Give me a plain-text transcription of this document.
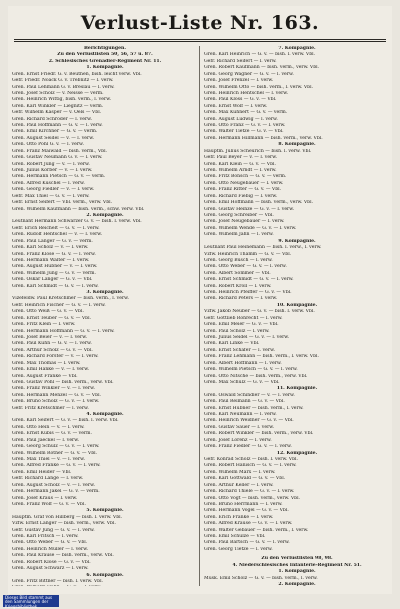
Verlust-Liste Nr. 163.
Berichtigungen.
Zu den Verlustlisten 50, 56, 57 u. 87.
2. Schlesisches Grenadier-Regiment Nr. 11.
1. Kompagnie.
Gren. Ernst Friedr. G. v. Beuthen, bish. leicht verw. Vbl.
Gefr. Friedr. Noack G. v. Trebnitz — l. verw.
Gren. Paul Lehmann G. v. Breslau — l. verw.
Gren. Josef Scholz — v. Neisse — verm.
Gren. Heinrich Wittig, bish. verm., l. verw.
Gren. Karl Winkler — Liegnitz — verm.
Gefr. Wilhelm Kasper — v. Oels — Vbl.
Gren. Richard Schröder — l. verw.
Gren. Paul Hoffmann — G. v. — l. verw.
Gren. Emil Kirchner — G. v. — verm.
Gren. August Seidel — v. — l. verw.
Gren. Otto Pohl G. v. — l. verw.
Gren. Franz Maiwald — bish. verm., Vbl.
Gren. Gustav Neumann G. v. — l. verw.
Gren. Robert Jung — v. — l. verw.
Gren. Julius Körber — v. — l. verw.
Gren. Hermann Pietsch — G. v. — verm.
Gren. Alfred Kuschel — l. verw.
Gren. Georg Fiedler — v. — l. verw.
Gefr. Max Thiel — G. v. — l. verw.
Gefr. Ernst Seifert — Vbl. verm., verw. Vbl.
Gren. Wilhelm Kaufmann — bish. verm., schw. verw. Vbl.
2. Kompagnie.
Leutnant Hermann Schwarzer G. v. — bish. l. verw. Vbl.
Gefr. Erich Reichelt — G. v. — l. verw.
Gren. Rudolf Hentschel — v. — l. verw.
Gren. Paul Langer — G. v. — verm.
Gren. Karl Scholz — v. — l. verw.
Gren. Franz Klose — G. v. — l. verw.
Gren. Hermann Walter — l. verw.
Gren. August Hübner — v. — l. verw.
Gren. Wilhelm Jung — G. v. — verm.
Gren. Oskar Langer — G. v. — Vbl.
Gren. Karl Schmidt — G. v. — l. verw.
3. Kompagnie.
Vizefeldw. Paul Kretschmer — bish. verm., l. verw.
Gefr. Heinrich Fischer — G. v. — l. verw.
Gren. Otto Weiß — G. v. — Vbl.
Gren. Ernst Teuber — G. v. — Vbl.
Gren. Fritz Klein — l. verw.
Gren. Hermann Hoffmann — G. v. — l. verw.
Gren. Josef Beier — v. — l. verw.
Gren. Paul Kühn — G. v. — l. verw.
Gren. Arthur Scholz — G. v. — Vbl.
Gren. Richard Förster — v. — l. verw.
Gren. Max Thomas — l. verw.
Gren. Emil Hanke — v. — l. verw.
Gren. August Franke — Vbl.
Gren. Gustav Pohl — bish. verm., verw. Vbl.
Gren. Franz Winkler — v. — l. verw.
Gren. Hermann Menzel — G. v. — Vbl.
Gren. Bruno Scholz — G. v. — l. verw.
Gefr. Fritz Kretschmer — l. verw.
4. Kompagnie.
Gren. Karl Seifert — G. v. — bish. l. verw. Vbl.
Gren. Otto Hein — v. — l. verw.
Gren. Ernst Kubis — G. v. — verm.
Gren. Paul Jaeckel — l. verw.
Gren. Georg Schulz — G. v. — l. verw.
Gren. Wilhelm Rother — G. v. — Vbl.
Gren. Max Thiel — v. — l. verw.
Gren. Alfred Franke — G. v. — l. verw.
Gren. Emil Heider — Vbl.
Gefr. Richard Lange — l. verw.
Gren. August Scholz — v. — l. verw.
Gren. Hermann Jäkel — G. v. — verm.
Gren. Josef Kraus — l. verw.
Gren. Franz Wolf — G. v. — Vbl.
5. Kompagnie.
Hauptm. Graf von Hillberg — bish. l. verw. Vbl.
Vzfw. Ernst Langer — bish. verm., verw. Vbl.
Gefr. Gustav Jung — G. v. — l. verw.
Gren. Karl Fritsch — l. verw.
Gren. Otto Weber — G. v. — Vbl.
Gren. Heinrich Müller — l. verw.
Gren. Paul Krause — bish. verm., verw. Vbl.
Gren. Robert Klose — G. v. — Vbl.
Gren. August Schwarz — l. verw.
6. Kompagnie.
Gren. Fritz Bittner — bish. l. verw. Vbl.
7. Kompagnie.
Gren. Karl Heinrich — G. v. — bish. l. verw. Vbl.
Gefr. Richard Seifert — l. verw.
Gren. Robert Kaufmann — bish. verm., verw. Vbl.
Gren. Georg Wagner — G. v. — l. verw.
Gren. Josef Frenzel — l. verw.
Gren. Wilhelm Otto — bish. verm., l. verw. Vbl.
Gren. Heinrich Hentschel — l. verw.
Gren. Paul Kloss — G. v. — Vbl.
Gren. Ernst Wolf — l. verw.
Gren. Max Kuhnert — G. v. — verm.
Gren. August Ludwig — l. verw.
Gren. Otto Franz — G. v. — l. verw.
Gren. Walter Tietze — G. v. — Vbl.
Gren. Hermann Hillmann — bish. verm., verw. Vbl.
8. Kompagnie.
Hauptm. Julius Scheurich — bish. l. verw. Vbl.
Gefr. Paul Beyer — v. — l. verw.
Gren. Karl Klein — G. v. — Vbl.
Gren. Wilhelm Arndt — l. verw.
Gren. Fritz Bönsch — G. v. — verm.
Gren. Otto Neugebauer — l. verw.
Gren. Franz Ritter — G. v. — Vbl.
Gren. Richard Fiebig — l. verw.
Gren. Emil Hoffmann — bish. verm., verw. Vbl.
Gren. Gustav Heinze — G. v. — l. verw.
Gren. Georg Schreiber — Vbl.
Gren. Josef Neugebauer — l. verw.
Gren. Wilhelm Wende — G. v. — l. verw.
Gren. Wilhelm Jahn — l. verw.
9. Kompagnie.
Leutnant Paul Heinemann — bish. l. verw., l. verw.
Vzfw. Heinrich Thamm — G. v. — Vbl.
Gren. Georg Busch — l. verw.
Gren. Otto Weber — G. v. — l. verw.
Gren. Albert Sommer — Vbl.
Gren. Ernst Schmidt — G. v. — l. verw.
Gren. Robert Kroll — l. verw.
Gren. Heinrich Pfeiffer — G. v. — Vbl.
Gren. Richard Peters — l. verw.
10. Kompagnie.
Vzfw. Jakob Neuber — G. v. — bish. l. verw. Vbl.
Gefr. Gottlieb Rohrecht — l. verw.
Gren. Emil Meier — G. v. — Vbl.
Gren. Paul Scholz — l. verw.
Gren. Julius Seidel — G. v. — l. verw.
Gren. Karl Linke — Vbl.
Gren. Ernst Schäfer — l. verw.
Gren. Franz Lehmann — bish. verm., l. verw. Vbl.
Gren. Albert Hoffmann — l. verw.
Gren. Wilhelm Pietsch — G. v. — l. verw.
Gren. Otto Nitsche — bish. verm., verw. Vbl.
Gren. Max Schulz — G. v. — Vbl.
11. Kompagnie.
Gren. Oswald Schindler — v. — l. verw.
Gren. Paul Reimann — G. v. — Vbl.
Gren. Ernst Hübner — bish. verm., l. verw.
Gren. Karl Neumann — l. verw.
Gren. Heinrich Weidner — G. v. — Vbl.
Gren. Gustav Sauer — l. verw.
Gren. Robert Winkler — bish. verm., verw. Vbl.
Gren. Josef Lorenz — l. verw.
Gren. Franz Fiedler — G. v. — l. verw.
12. Kompagnie.
Gefr. Konrad Scholz — bish. l. verw. Vbl.
Gren. Robert Hanisch — G. v. — l. verw.
Gren. Wilhelm Marx — l. verw.
Gren. Karl Gottwald — G. v. — Vbl.
Gren. Arthur Keller — l. verw.
Gren. Richard Thiele — G. v. — l. verw.
Gren. Otto Vogt — bish. verm., verw. Vbl.
Gren. Bruno Herrmann — l. verw.
Gren. Hermann Vogel — G. v. — Vbl.
Gren. Erich Franke — l. verw.
Gren. Alfred Krause — G. v. — l. verw.
Gren. Walter Gebauer — bish. verm., l. verw.
Gren. Emil Schulze — Vbl.
Gren. Paul Bartsch — G. v. — l. verw.
Gren. Georg Tietze — l. verw.
Zu den Verlustlisten 98, 98.
4. Niederschlesisches Infanterie-Regiment Nr. 51.
1. Kompagnie.
Musk. Emil Scholz — G. v. — bish. verm., l. verw.
2. Kompagnie.
Dieses Bild stammt aus
den Sammlungen der
Kriegsbibliothek
